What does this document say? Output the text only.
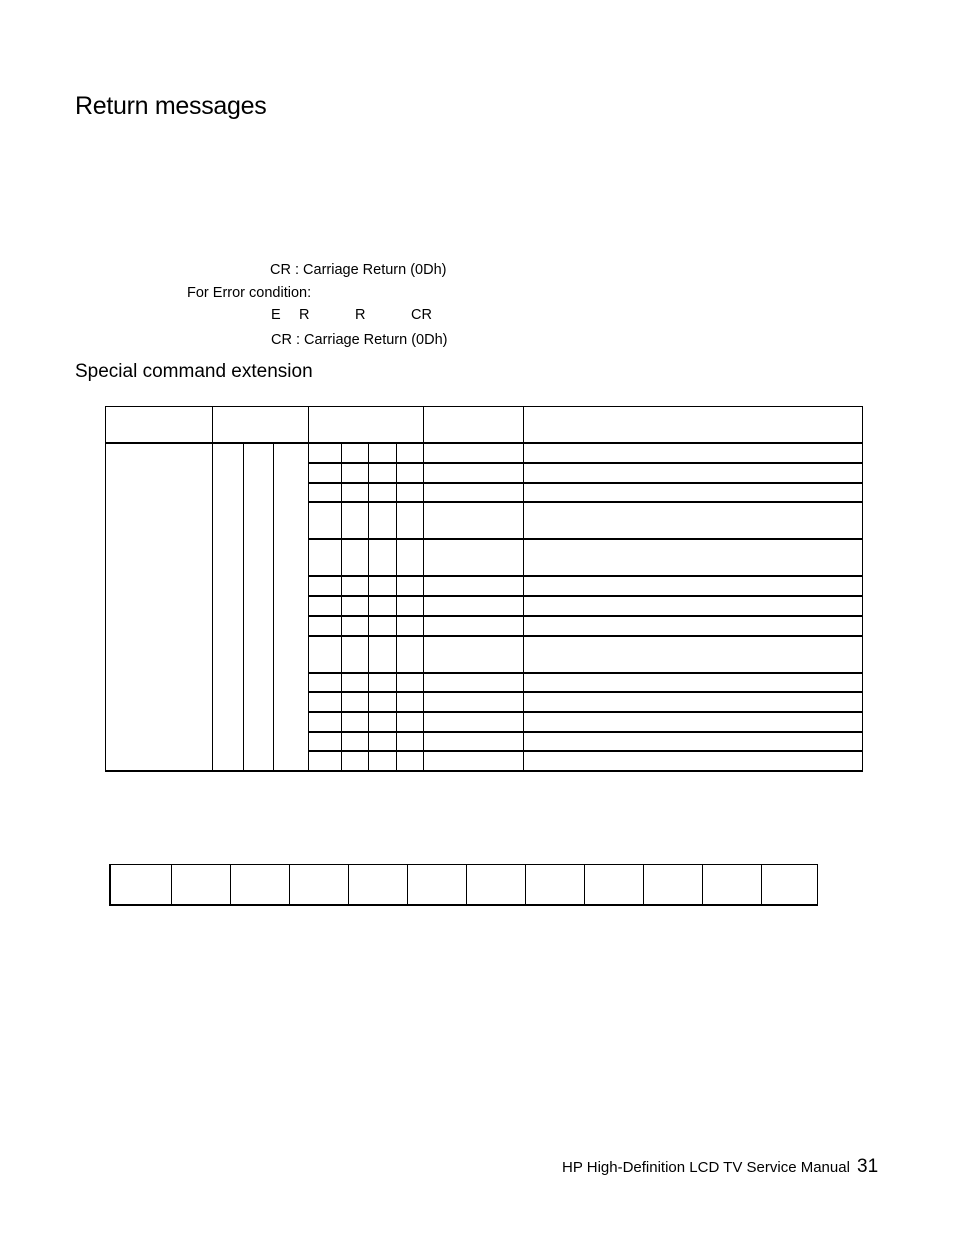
Return messages
CR : Carriage Return (0Dh)
For Error condition:
E R	R	CR
CR : Carriage Return (0Dh)
Special command extension
HP High-Definition LCD TV Service Manual 31
